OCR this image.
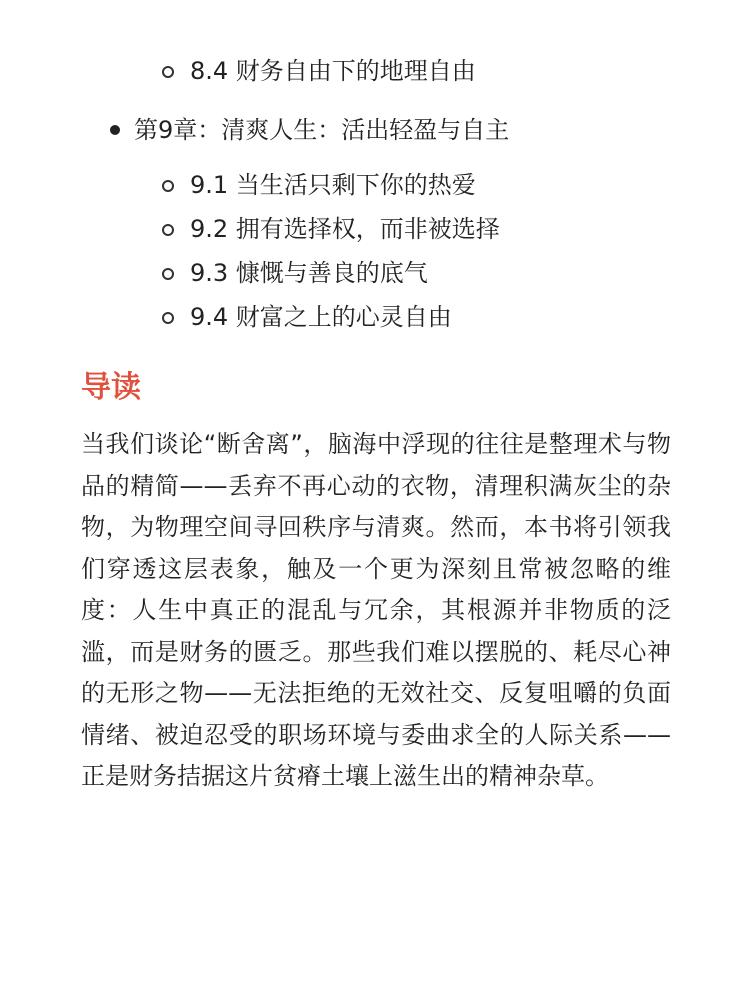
8.4 财务自由下的地理自由
第9章：清爽人生：活出轻盈与自主
9.1 当生活只剩下你的热爱
9.2 拥有选择权，而非被选择
9.3 慷慨与善良的底气
9.4 财富之上的心灵自由
导读

当我们谈论“断舍离”，脑海中浮现的往往是整理术与物品的精简——丢弃不再心动的衣物，清理积满灰尘的杂物，为物理空间寻回秩序与清爽。然而，本书将引领我们穿透这层表象，触及一个更为深刻且常被忽略的维度：人生中真正的混乱与冗余，其根源并非物质的泛滥，而是财务的匮乏。那些我们难以摆脱的、耗尽心神的无形之物——无法拒绝的无效社交、反复咀嚼的负面情绪、被迫忍受的职场环境与委曲求全的人际关系——正是财务拮据这片贫瘠土壤上滋生出的精神杂草。
